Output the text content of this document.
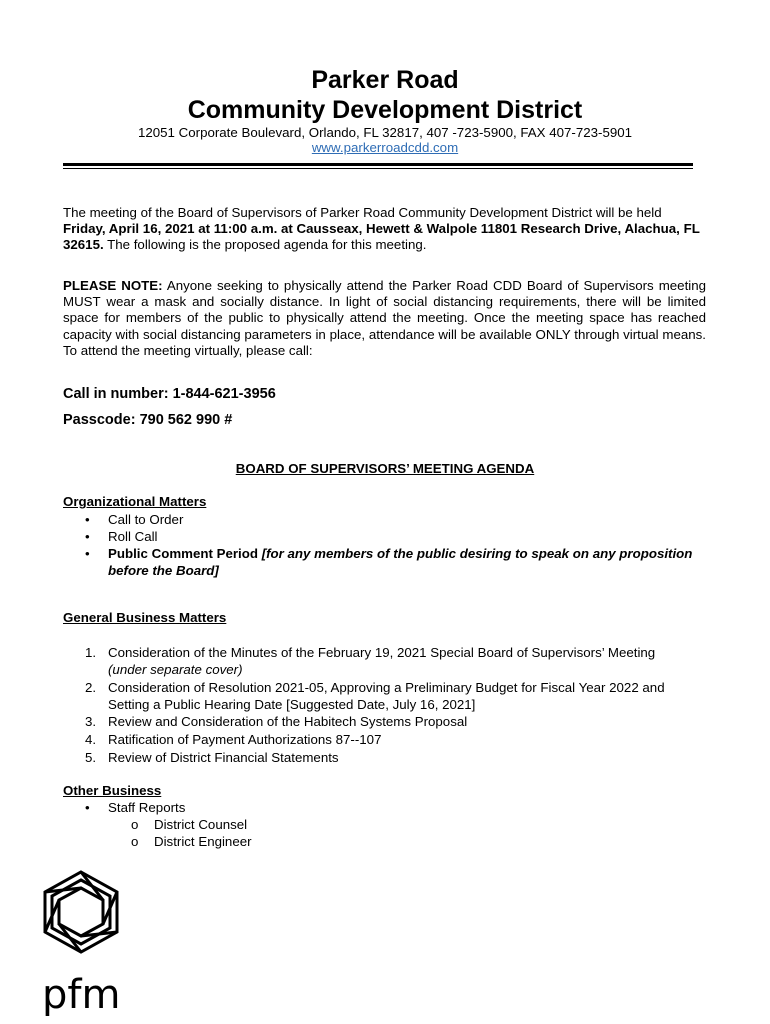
Parker Road
Community Development District
12051 Corporate Boulevard, Orlando, FL 32817, 407 -723-5900, FAX 407-723-5901
www.parkerroadcdd.com
The meeting of the Board of Supervisors of Parker Road Community Development District will be held Friday, April 16, 2021 at 11:00 a.m. at Causseax, Hewett & Walpole 11801 Research Drive, Alachua, FL 32615. The following is the proposed agenda for this meeting.
PLEASE NOTE: Anyone seeking to physically attend the Parker Road CDD Board of Supervisors meeting MUST wear a mask and socially distance. In light of social distancing requirements, there will be limited space for members of the public to physically attend the meeting. Once the meeting space has reached capacity with social distancing parameters in place, attendance will be available ONLY through virtual means. To attend the meeting virtually, please call:
Call in number: 1-844-621-3956
Passcode: 790 562 990 #
BOARD OF SUPERVISORS’ MEETING AGENDA
Organizational Matters
• Call to Order
• Roll Call
• Public Comment Period [for any members of the public desiring to speak on any proposition before the Board]
General Business Matters
1. Consideration of the Minutes of the February 19, 2021 Special Board of Supervisors’ Meeting
(under separate cover)
2. Consideration of Resolution 2021-05, Approving a Preliminary Budget for Fiscal Year 2022 and Setting a Public Hearing Date [Suggested Date, July 16, 2021]
3. Review and Consideration of the Habitech Systems Proposal
4. Ratification of Payment Authorizations 87--107
5. Review of District Financial Statements
Other Business
• Staff Reports
o District Counsel
o District Engineer
pfm
